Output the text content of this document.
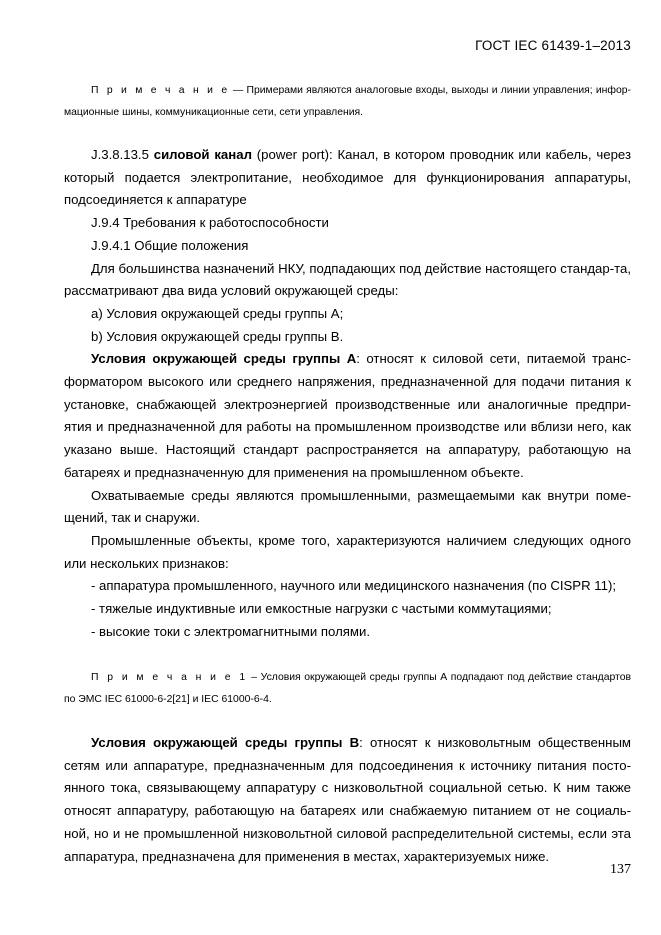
ГОСТ IEC 61439-1–2013
П р и м е ч а н и е — Примерами являются аналоговые входы, выходы и линии управления; инфор-мационные шины, коммуникационные сети, сети управления.

J.3.8.13.5 силовой канал (power port): Канал, в котором проводник или кабель, через который подается электропитание, необходимое для функционирования аппаратуры, подсоединяется к аппаратуре

J.9.4 Требования к работоспособности

J.9.4.1 Общие положения

Для большинства назначений НКУ, подпадающих под действие настоящего стандар-та, рассматривают два вида условий окружающей среды:

а) Условия окружающей среды группы А;

b) Условия окружающей среды группы В.

Условия окружающей среды группы А: относят к силовой сети, питаемой транс-форматором высокого или среднего напряжения, предназначенной для подачи питания к установке, снабжающей электроэнергией производственные или аналогичные предпри-ятия и предназначенной для работы на промышленном производстве или вблизи него, как указано выше. Настоящий стандарт распространяется на аппаратуру, работающую на батареях и предназначенную для применения на промышленном объекте.

Охватываемые среды являются промышленными, размещаемыми как внутри поме-щений, так и снаружи.

Промышленные объекты, кроме того, характеризуются наличием следующих одного или нескольких признаков:

- аппаратура промышленного, научного или медицинского назначения (по CISPR 11);

- тяжелые индуктивные или емкостные нагрузки с частыми коммутациями;

- высокие токи с электромагнитными полями.

П р и м е ч а н и е 1 – Условия окружающей среды группы А подпадают под действие стандартов по ЭМС IEC 61000-6-2[21] и IEC 61000-6-4.

Условия окружающей среды группы В: относят к низковольтным общественным сетям или аппаратуре, предназначенным для подсоединения к источнику питания посто-янного тока, связывающему аппаратуру с низковольтной социальной сетью. К ним также относят аппаратуру, работающую на батареях или снабжаемую питанием от не социаль-ной, но и не промышленной низковольтной силовой распределительной системы, если эта аппаратура, предназначена для применения в местах, характеризуемых ниже.

137
